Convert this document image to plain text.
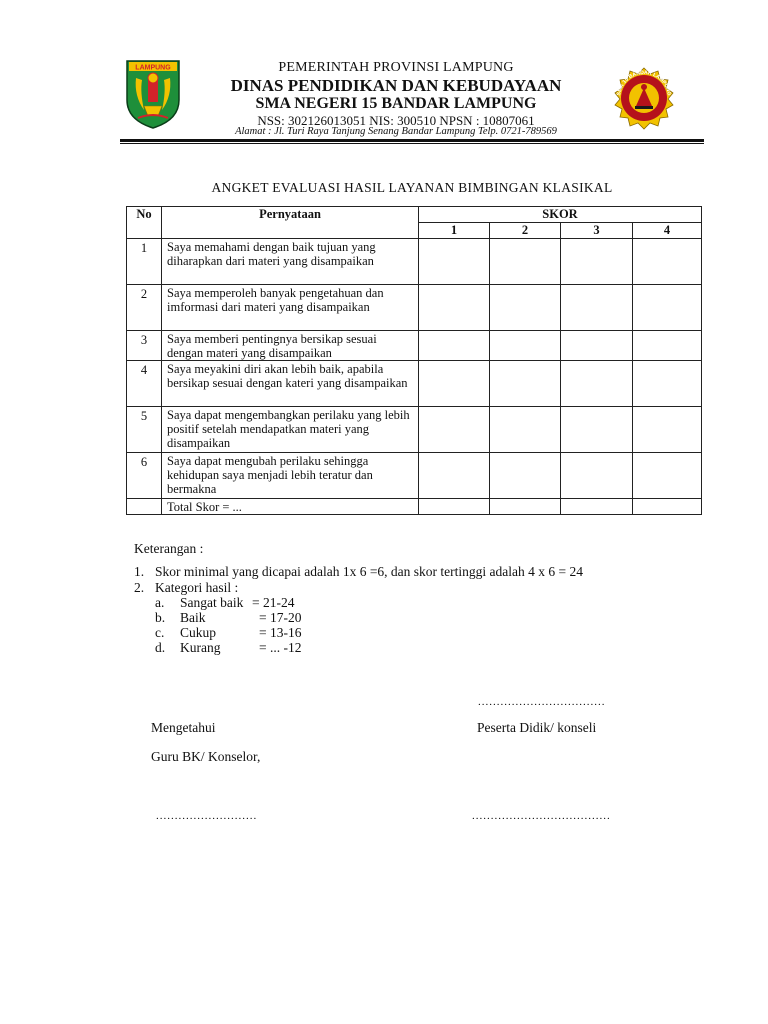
LAMPUNG
SMA 15 BANDAR LAMPUNG
PEMERINTAH PROVINSI LAMPUNG
DINAS PENDIDIKAN DAN KEBUDAYAAN
SMA NEGERI 15 BANDAR LAMPUNG
NSS: 302126013051 NIS: 300510 NPSN : 10807061
Alamat : Jl. Turi Raya Tanjung Senang Bandar Lampung Telp. 0721-789569
ANGKET EVALUASI HASIL LAYANAN BIMBINGAN KLASIKAL
No	Pernyataan	SKOR			
		1	2	3	4
1	Saya memahami dengan baik tujuan yang diharapkan dari materi yang disampaikan				
2	Saya memperoleh banyak pengetahuan dan imformasi dari materi yang disampaikan				
3	Saya memberi pentingnya bersikap sesuai dengan materi yang disampaikan				
4	Saya meyakini diri akan lebih baik, apabila bersikap sesuai dengan kateri yang disampaikan				
5	Saya dapat mengembangkan perilaku yang lebih positif setelah mendapatkan materi yang disampaikan				
6	Saya dapat mengubah perilaku sehingga kehidupan saya menjadi lebih teratur dan bermakna				
	Total Skor = ...				
Keterangan :
1. Skor minimal yang dicapai adalah 1x 6 =6, dan skor tertinggi adalah 4 x 6 = 24
2. Kategori hasil :
a. Sangat baik = 21-24
b. Baik	= 17-20
c. Cukup	= 13-16
d. Kurang	= ... -12
..................................
Mengetahui	Peserta Didik/ konseli
Guru BK/ Konselor,
...........................	.....................................
